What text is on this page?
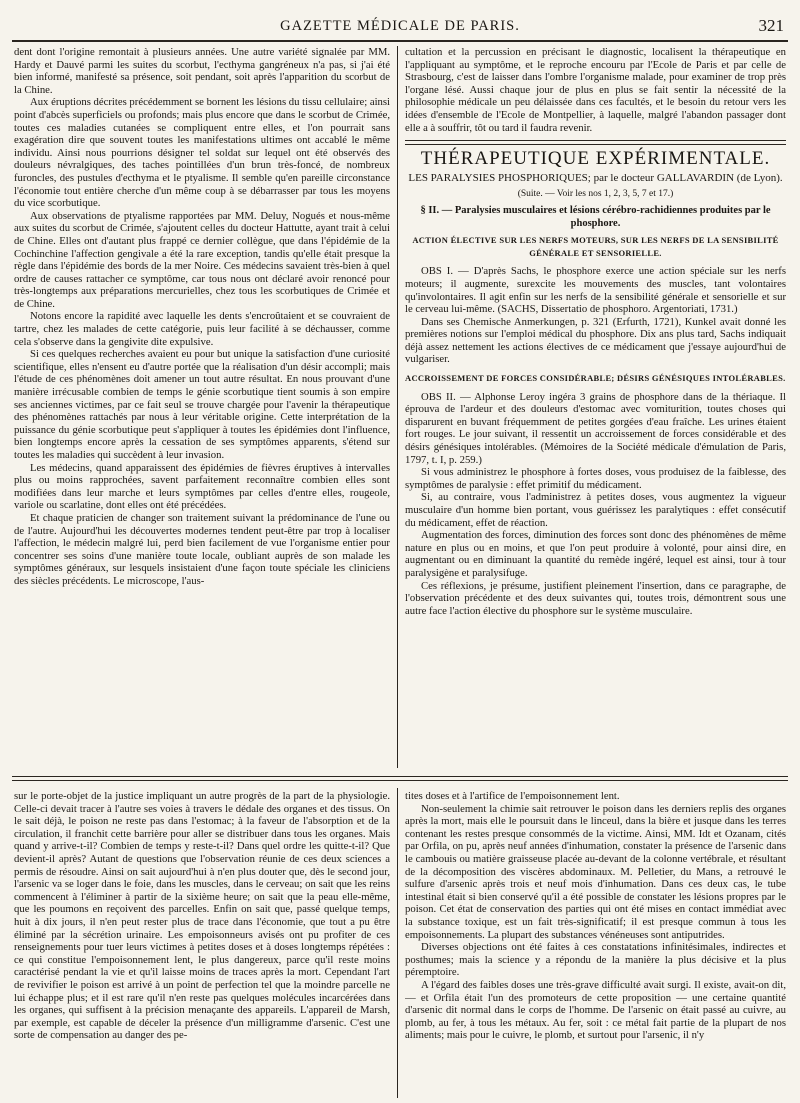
GAZETTE MÉDICALE DE PARIS.	321

dent dont l'origine remontait à plusieurs années. Une autre variété signalée par MM. Hardy et Dauvé parmi les suites du scorbut, l'ecthyma gangréneux n'a pas, si j'ai été bien informé, manifesté sa présence, soit pendant, soit après l'apparition du scorbut de la Chine.

Aux éruptions décrites précédemment se bornent les lésions du tissu cellulaire; ainsi point d'abcès superficiels ou profonds; mais plus encore que dans le scorbut de Crimée, toutes ces maladies cutanées se compliquent entre elles, et l'on pourrait sans exagération dire que souvent toutes les manifestations ultimes ont accablé le même individu. Ainsi nous pourrions désigner tel soldat sur lequel ont été observés des douleurs névralgiques, des taches pointillées d'un brun très-foncé, de nombreux furoncles, des pustules d'ecthyma et le ptyalisme. Il semble qu'en pareille circonstance l'économie tout entière cherche d'un même coup à se débarrasser par tous les moyens du vice scorbutique.

Aux observations de ptyalisme rapportées par MM. Deluy, Nogués et nous-même aux suites du scorbut de Crimée, s'ajoutent celles du docteur Hattutte, ayant trait à celui de Chine. Elles ont d'autant plus frappé ce dernier collègue, que dans l'épidémie de la Cochinchine l'affection gengivale a été la rare exception, tandis qu'elle était presque la règle dans l'épidémie des bords de la mer Noire. Ces médecins savaient très-bien à quel ordre de causes rattacher ce symptôme, car tous nous ont déclaré avoir renoncé pour très-longtemps aux préparations mercurielles, chez tous les scorbutiques de Crimée et de Chine.

Notons encore la rapidité avec laquelle les dents s'encroûtaient et se couvraient de tartre, chez les malades de cette catégorie, puis leur facilité à se déchausser, comme cela s'observe dans la gengivite dite expulsive.

Si ces quelques recherches avaient eu pour but unique la satisfaction d'une curiosité scientifique, elles n'ensent eu d'autre portée que la réalisation d'un désir accompli; mais l'étude de ces phénomènes doit amener un tout autre résultat. En nous prouvant d'une manière irrécusable combien de temps le génie scorbutique tient soumis à son empire ses anciennes victimes, par ce fait seul se trouve chargée pour l'avenir la thérapeutique des phénomènes rattachés par nous à leur véritable origine. Cette interprétation de la puissance du génie scorbutique peut s'appliquer à toutes les épidémies dont l'influence, bien longtemps encore après la cessation de ses symptômes apparents, s'étend sur toutes les maladies qui succèdent à leur invasion.

Les médecins, quand apparaissent des épidémies de fièvres éruptives à intervalles plus ou moins rapprochées, savent parfaitement reconnaître combien elles sont modifiées dans leur marche et leurs symptômes par celles d'entre elles, rougeole, variole ou scarlatine, dont elles ont été précédées.

Et chaque praticien de changer son traitement suivant la prédominance de l'une ou de l'autre. Aujourd'hui les découvertes modernes tendent peut-être par trop à localiser l'affection, le médecin malgré lui, perd bien facilement de vue l'organisme entier pour concentrer ses soins d'une manière toute locale, oubliant auprès de son malade les symptômes généraux, sur lesquels insistaient d'une façon toute spéciale les cliniciens des siècles précédents. Le microscope, l'aus-

cultation et la percussion en précisant le diagnostic, localisent la thérapeutique en l'appliquant au symptôme, et le reproche encouru par l'Ecole de Paris et par celle de Strasbourg, c'est de laisser dans l'ombre l'organisme malade, pour examiner de trop près l'organe lésé. Aussi chaque jour de plus en plus se fait sentir la nécessité de la philosophie médicale un peu délaissée dans ces facultés, et le besoin du retour vers les idées d'ensemble de l'Ecole de Montpellier, à laquelle, malgré l'abandon passager dont elle a à souffrir, tôt ou tard il faudra revenir.

THÉRAPEUTIQUE EXPÉRIMENTALE.
LES PARALYSIES PHOSPHORIQUES; par le docteur GALLAVARDIN (de Lyon).
(Suite. — Voir les nos 1, 2, 3, 5, 7 et 17.)
§ II. — Paralysies musculaires et lésions cérébro-rachidiennes produites par le phosphore.
ACTION ÉLECTIVE SUR LES NERFS MOTEURS, SUR LES NERFS DE LA SENSIBILITÉ GÉNÉRALE ET SENSORIELLE.

OBS I. — D'après Sachs, le phosphore exerce une action spéciale sur les nerfs moteurs; il augmente, surexcite les mouvements des muscles, tant volontaires qu'involontaires. Il agit enfin sur les nerfs de la sensibilité générale et sensorielle et sur le cerveau lui-même. (SACHS, Dissertatio de phosphoro. Argentoriati, 1731.)

Dans ses Chemische Anmerkungen, p. 321 (Erfurth, 1721), Kunkel avait donné les premières notions sur l'emploi médical du phosphore. Dix ans plus tard, Sachs indiquait déjà assez nettement les actions électives de ce médicament que j'essaye aujourd'hui de vulgariser.

ACCROISSEMENT DE FORCES CONSIDÉRABLE; DÉSIRS GÉNÉSIQUES INTOLÉRABLES.

OBS II. — Alphonse Leroy ingéra 3 grains de phosphore dans de la thériaque. Il éprouva de l'ardeur et des douleurs d'estomac avec vomiturition, toutes choses qui disparurent en buvant fréquemment de petites gorgées d'eau fraîche. Les urines étaient fort rouges. Le jour suivant, il ressentit un accroissement de forces considérable et des désirs génésiques intolérables. (Mémoires de la Société médicale d'émulation de Paris, 1797, t. I, p. 259.)

Si vous administrez le phosphore à fortes doses, vous produisez de la faiblesse, des symptômes de paralysie : effet primitif du médicament.

Si, au contraire, vous l'administrez à petites doses, vous augmentez la vigueur musculaire d'un homme bien portant, vous guérissez les paralytiques : effet consécutif du médicament, effet de réaction.

Augmentation des forces, diminution des forces sont donc des phénomènes de même nature en plus ou en moins, et que l'on peut produire à volonté, pour ainsi dire, en augmentant ou en diminuant la quantité du remède ingéré, lequel est ainsi, tour à tour paralysigène et paralysifuge.

Ces réflexions, je présume, justifient pleinement l'insertion, dans ce paragraphe, de l'observation précédente et des deux suivantes qui, toutes trois, démontrent sous une autre face l'action élective du phosphore sur le système musculaire.

sur le porte-objet de la justice impliquant un autre progrès de la part de la physiologie. Celle-ci devait tracer à l'autre ses voies à travers le dédale des organes et des tissus. On le sait déjà, le poison ne reste pas dans l'estomac; à la faveur de l'absorption et de la circulation, il franchit cette barrière pour aller se distribuer dans tous les organes. Mais quand y arrive-t-il? Combien de temps y reste-t-il? Dans quel ordre les quitte-t-il? Que devient-il après? Autant de questions que l'observation réunie de ces deux sciences a permis de résoudre. Ainsi on sait aujourd'hui à n'en plus douter que, dès le second jour, l'arsenic va se loger dans le foie, dans les muscles, dans le cerveau; on sait que les reins commencent à l'éliminer à partir de la sixième heure; on sait que la peau elle-même, que les poumons en reçoivent des parcelles. Enfin on sait que, passé quelque temps, huit à dix jours, il n'en peut rester plus de trace dans l'économie, que tout a pu être éliminé par la sécrétion urinaire. Les empoisonneurs avisés ont pu profiter de ces renseignements pour tuer leurs victimes à petites doses et à doses longtemps répétées : ce qui constitue l'empoisonnement lent, le plus dangereux, parce qu'il reste moins caractérisé pendant la vie et qu'il laisse moins de traces après la mort. Cependant l'art de revivifier le poison est arrivé à un point de perfection tel que la moindre parcelle ne lui échappe plus; et il est rare qu'il n'en reste pas quelques molécules incarcérées dans les organes, qui suffisent à la précision menaçante des appareils. L'appareil de Marsh, par exemple, est capable de déceler la présence d'un milligramme d'arsenic. C'est une sorte de compensation au danger des pe-

tites doses et à l'artifice de l'empoisonnement lent.

Non-seulement la chimie sait retrouver le poison dans les derniers replis des organes après la mort, mais elle le poursuit dans le linceul, dans la bière et jusque dans les terres contenant les restes presque consommés de la victime. Ainsi, MM. Idt et Ozanam, cités par Orfila, on pu, après neuf années d'inhumation, constater la présence de l'arsenic dans le cambouis ou matière graisseuse placée au-devant de la colonne vertébrale, et résultant de la décomposition des viscères abdominaux. M. Pelletier, du Mans, a retrouvé le sulfure d'arsenic après trois et neuf mois d'inhumation. Dans ces deux cas, le tube intestinal était si bien conservé qu'il a été possible de constater les lésions propres par le poison. Cet état de conservation des parties qui ont été mises en contact immédiat avec la substance toxique, est un fait très-significatif; il est presque commun à tous les empoisonnements. La plupart des substances vénéneuses sont antiputrides.

Diverses objections ont été faites à ces constatations infinitésimales, indirectes et posthumes; mais la science y a répondu de la manière la plus décisive et la plus péremptoire.

A l'égard des faibles doses une très-grave difficulté avait surgi. Il existe, avait-on dit, — et Orfila était l'un des promoteurs de cette proposition — une certaine quantité d'arsenic dit normal dans le corps de l'homme. De l'arsenic on était passé au cuivre, au plomb, au fer, à tous les métaux. Au fer, soit : ce métal fait partie de la plupart de nos aliments; mais pour le cuivre, le plomb, et surtout pour l'arsenic, il n'y
